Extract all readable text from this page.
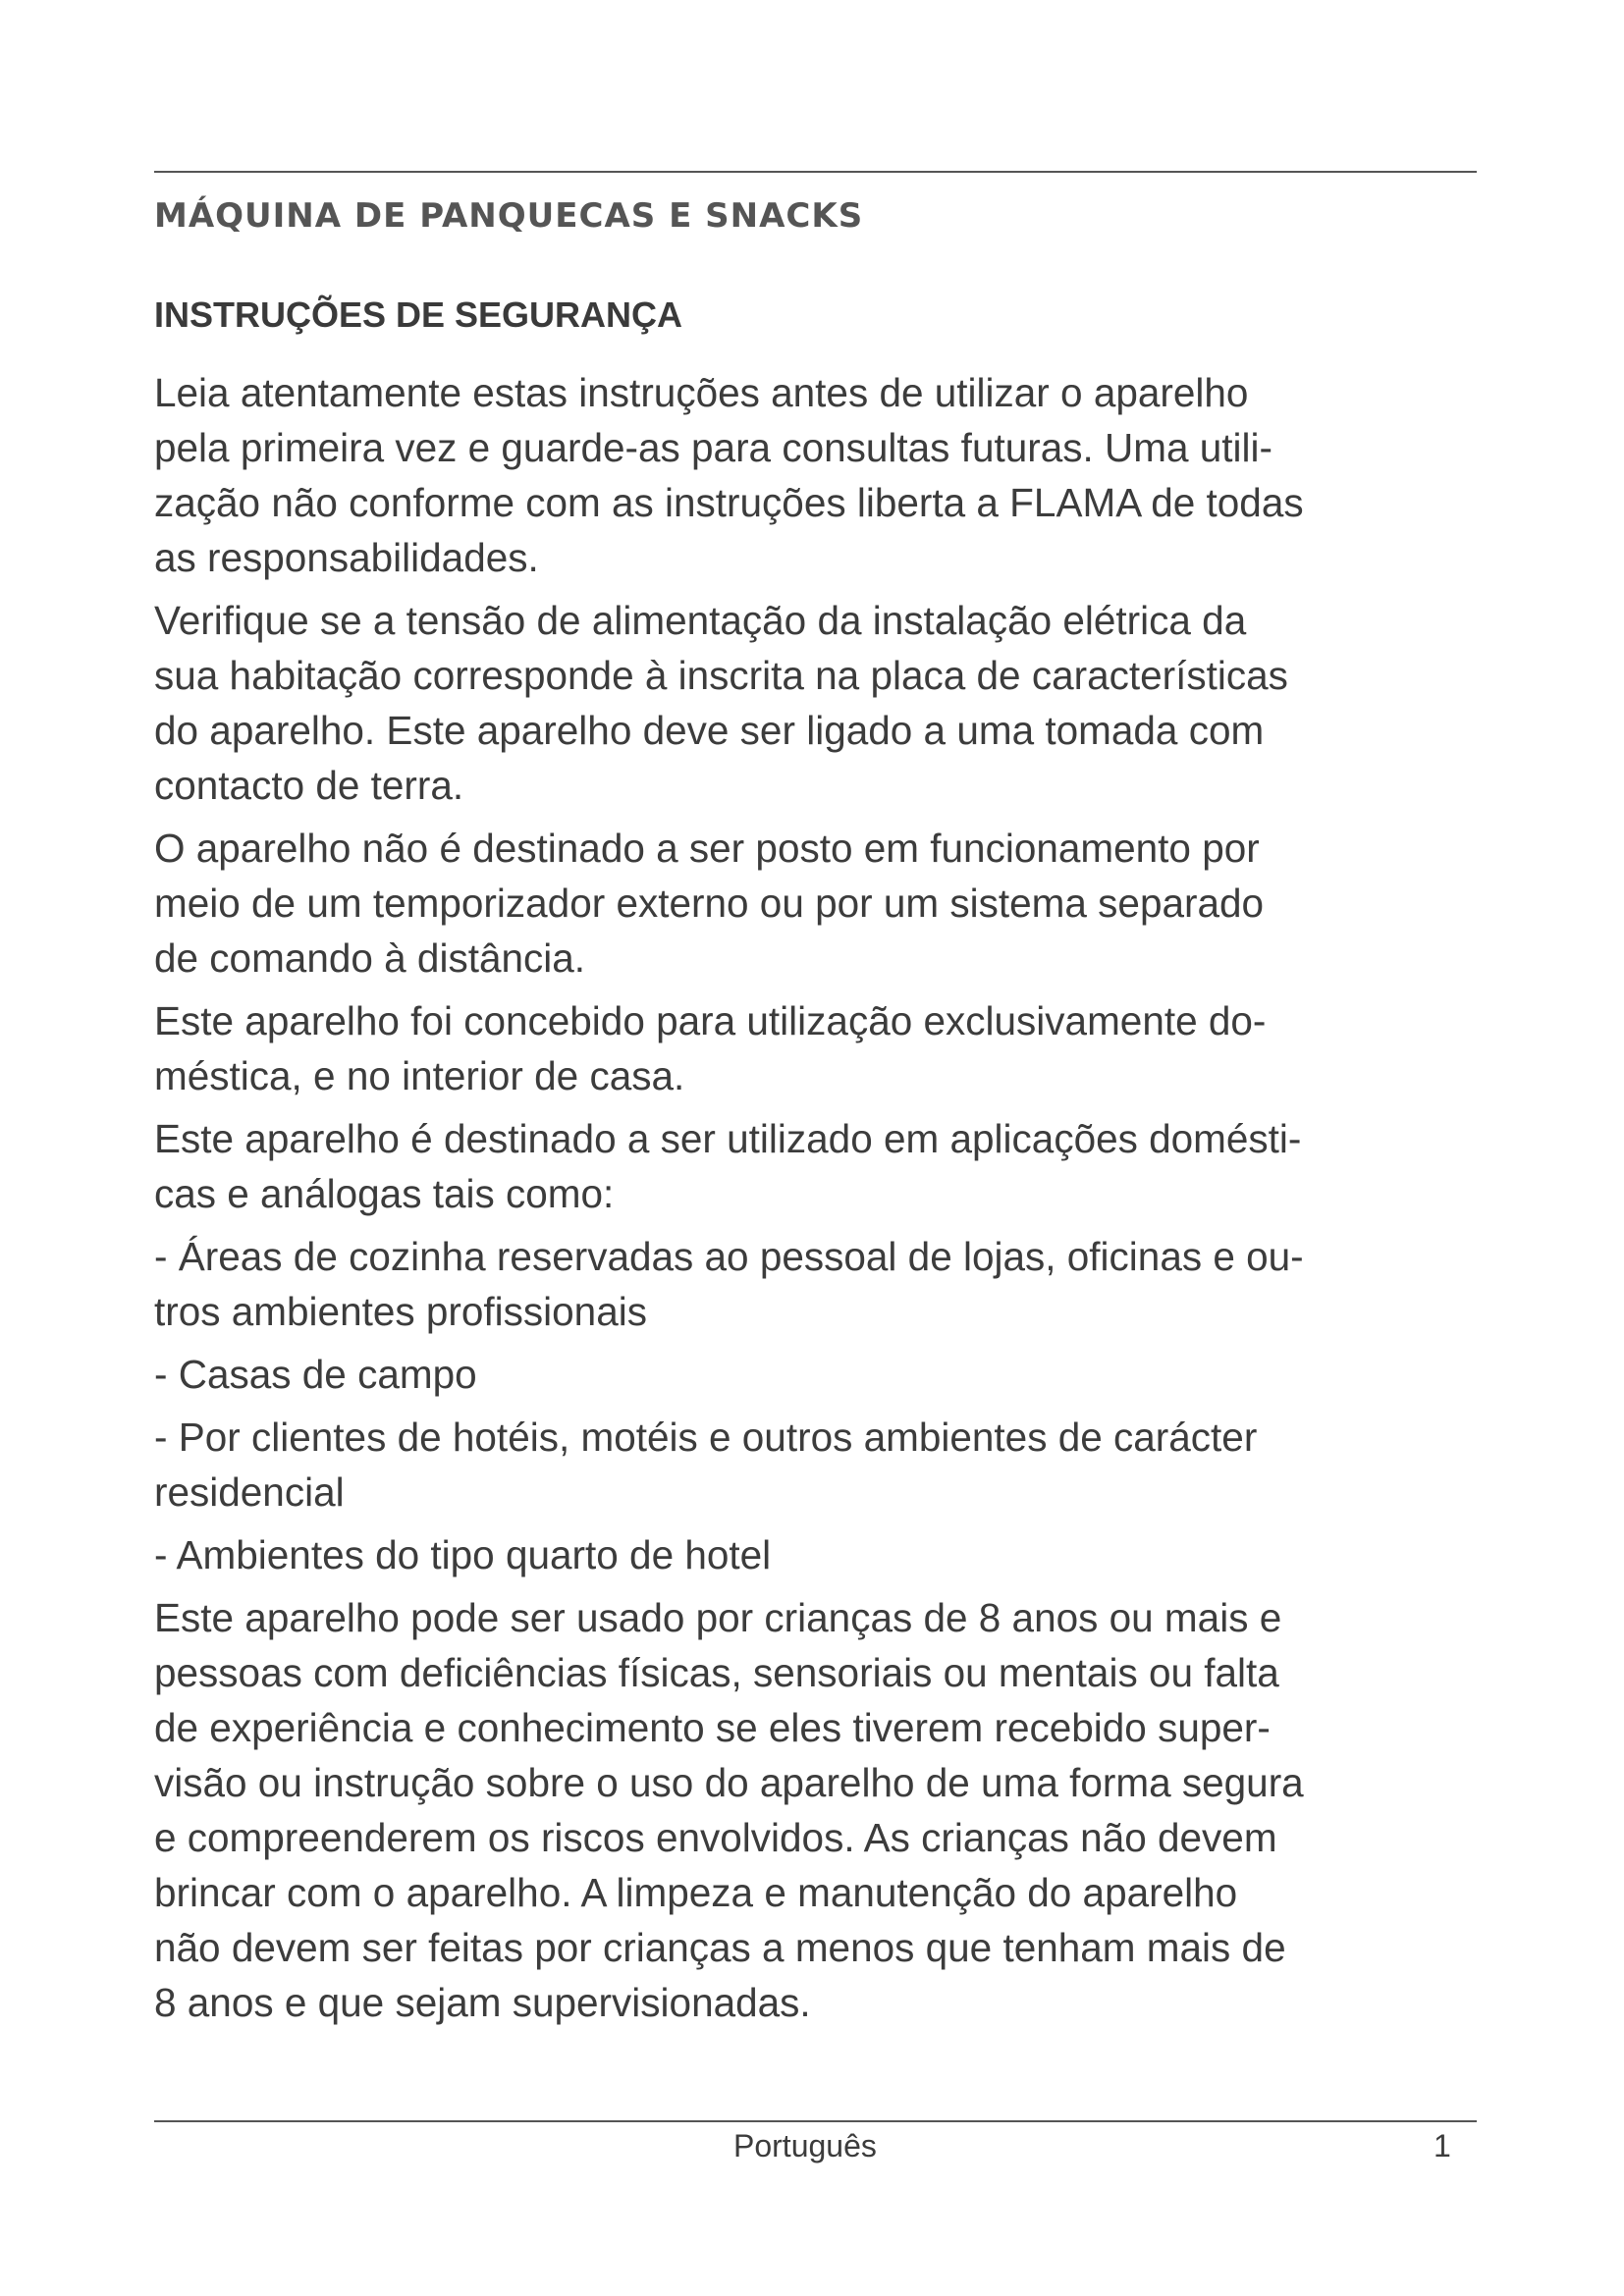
MÁQUINA DE PANQUECAS E SNACKS
INSTRUÇÕES DE SEGURANÇA

Leia atentamente estas instruções antes de utilizar o aparelho
pela primeira vez e guarde-as para consultas futuras. Uma utili-
zação não conforme com as instruções liberta a FLAMA de todas
as responsabilidades.

Verifique se a tensão de alimentação da instalação elétrica da
sua habitação corresponde à inscrita na placa de características
do aparelho. Este aparelho deve ser ligado a uma tomada com
contacto de terra.

O aparelho não é destinado a ser posto em funcionamento por
meio de um temporizador externo ou por um sistema separado
de comando à distância.

Este aparelho foi concebido para utilização exclusivamente do-
méstica, e no interior de casa.

Este aparelho é destinado a ser utilizado em aplicações domésti-
cas e análogas tais como:

- Áreas de cozinha reservadas ao pessoal de lojas, oficinas e ou-
tros ambientes profissionais

- Casas de campo

- Por clientes de hotéis, motéis e outros ambientes de carácter
residencial

- Ambientes do tipo quarto de hotel

Este aparelho pode ser usado por crianças de 8 anos ou mais e
pessoas com deficiências físicas, sensoriais ou mentais ou falta
de experiência e conhecimento se eles tiverem recebido super-
visão ou instrução sobre o uso do aparelho de uma forma segura
e compreenderem os riscos envolvidos. As crianças não devem
brincar com o aparelho. A limpeza e manutenção do aparelho
não devem ser feitas por crianças a menos que tenham mais de
8 anos e que sejam supervisionadas.

Português	1
